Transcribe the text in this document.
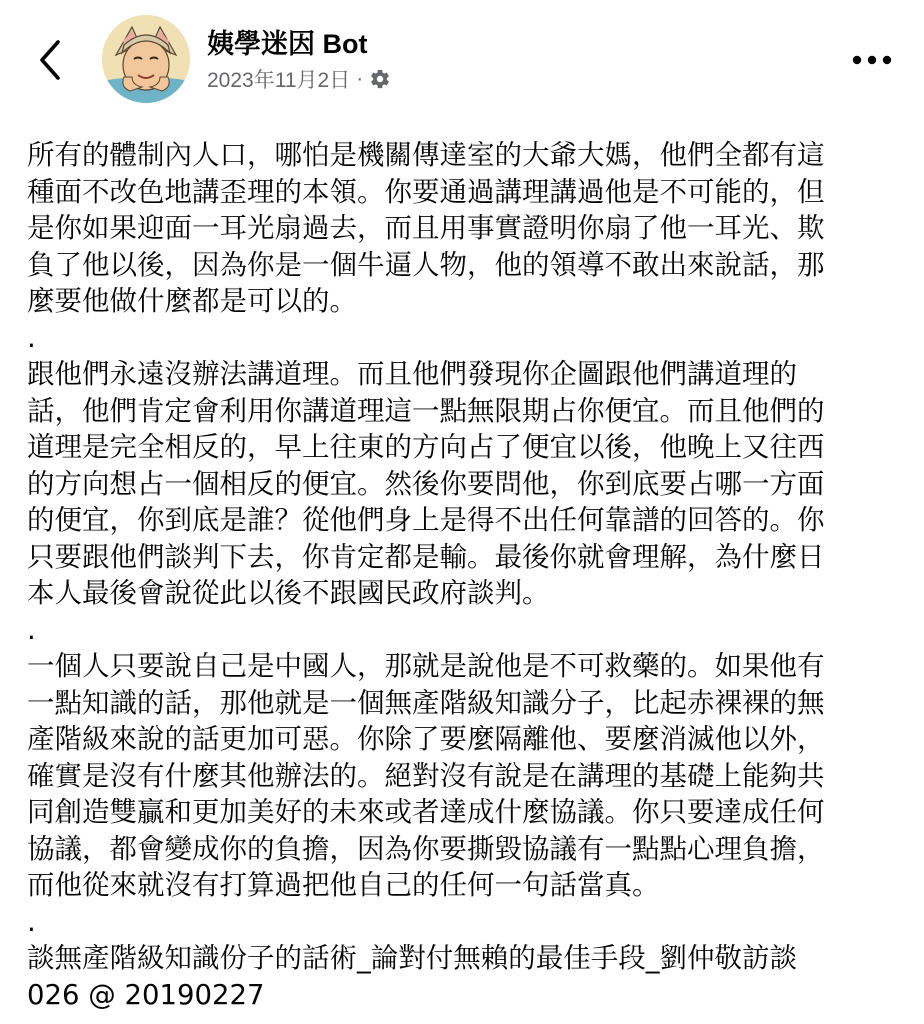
姨學迷因 Bot
2023年11月2日 ·

所有的體制內人口，哪怕是機關傳達室的大爺大媽，他們全都有這
種面不改色地講歪理的本領。你要通過講理講過他是不可能的，但
是你如果迎面一耳光扇過去，而且用事實證明你扇了他一耳光、欺
負了他以後，因為你是一個牛逼人物，他的領導不敢出來說話，那
麼要他做什麼都是可以的。

.

跟他們永遠沒辦法講道理。而且他們發現你企圖跟他們講道理的
話，他們肯定會利用你講道理這一點無限期占你便宜。而且他們的
道理是完全相反的，早上往東的方向占了便宜以後，他晚上又往西
的方向想占一個相反的便宜。然後你要問他，你到底要占哪一方面
的便宜，你到底是誰？從他們身上是得不出任何靠譜的回答的。你
只要跟他們談判下去，你肯定都是輸。最後你就會理解，為什麼日
本人最後會說從此以後不跟國民政府談判。

.

一個人只要說自己是中國人，那就是說他是不可救藥的。如果他有
一點知識的話，那他就是一個無產階級知識分子，比起赤裸裸的無
產階級來說的話更加可惡。你除了要麼隔離他、要麼消滅他以外，
確實是沒有什麼其他辦法的。絕對沒有說是在講理的基礎上能夠共
同創造雙贏和更加美好的未來或者達成什麼協議。你只要達成任何
協議，都會變成你的負擔，因為你要撕毀協議有一點點心理負擔，
而他從來就沒有打算過把他自己的任何一句話當真。

.

談無產階級知識份子的話術_論對付無賴的最佳手段_劉仲敬訪談
026 @ 20190227
